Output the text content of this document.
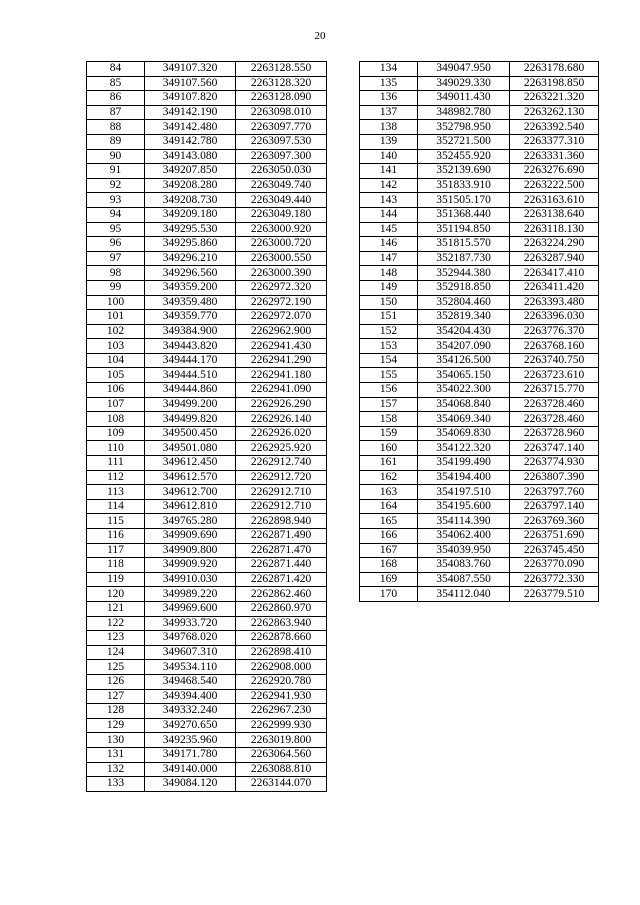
20
84	349107.320	2263128.550
85	349107.560	2263128.320
86	349107.820	2263128.090
87	349142.190	2263098.010
88	349142.480	2263097.770
89	349142.780	2263097.530
90	349143.080	2263097.300
91	349207.850	2263050.030
92	349208.280	2263049.740
93	349208.730	2263049.440
94	349209.180	2263049.180
95	349295.530	2263000.920
96	349295.860	2263000.720
97	349296.210	2263000.550
98	349296.560	2263000.390
99	349359.200	2262972.320
100	349359.480	2262972.190
101	349359.770	2262972.070
102	349384.900	2262962.900
103	349443.820	2262941.430
104	349444.170	2262941.290
105	349444.510	2262941.180
106	349444.860	2262941.090
107	349499.200	2262926.290
108	349499.820	2262926.140
109	349500.450	2262926.020
110	349501.080	2262925.920
111	349612.450	2262912.740
112	349612.570	2262912.720
113	349612.700	2262912.710
114	349612.810	2262912.710
115	349765.280	2262898.940
116	349909.690	2262871.490
117	349909.800	2262871.470
118	349909.920	2262871.440
119	349910.030	2262871.420
120	349989.220	2262862.460
121	349969.600	2262860.970
122	349933.720	2262863.940
123	349768.020	2262878.660
124	349607.310	2262898.410
125	349534.110	2262908.000
126	349468.540	2262920.780
127	349394.400	2262941.930
128	349332.240	2262967.230
129	349270.650	2262999.930
130	349235.960	2263019.800
131	349171.780	2263064.560
132	349140.000	2263088.810
133	349084.120	2263144.070
134	349047.950	2263178.680
135	349029.330	2263198.850
136	349011.430	2263221.320
137	348982.780	2263262.130
138	352798.950	2263392.540
139	352721.500	2263377.310
140	352455.920	2263331.360
141	352139.690	2263276.690
142	351833.910	2263222.500
143	351505.170	2263163.610
144	351368.440	2263138.640
145	351194.850	2263118.130
146	351815.570	2263224.290
147	352187.730	2263287.940
148	352944.380	2263417.410
149	352918.850	2263411.420
150	352804.460	2263393.480
151	352819.340	2263396.030
152	354204.430	2263776.370
153	354207.090	2263768.160
154	354126.500	2263740.750
155	354065.150	2263723.610
156	354022.300	2263715.770
157	354068.840	2263728.460
158	354069.340	2263728.460
159	354069.830	2263728.960
160	354122.320	2263747.140
161	354199.490	2263774.930
162	354194.400	2263807.390
163	354197.510	2263797.760
164	354195.600	2263797.140
165	354114.390	2263769.360
166	354062.400	2263751.690
167	354039.950	2263745.450
168	354083.760	2263770.090
169	354087.550	2263772.330
170	354112.040	2263779.510
